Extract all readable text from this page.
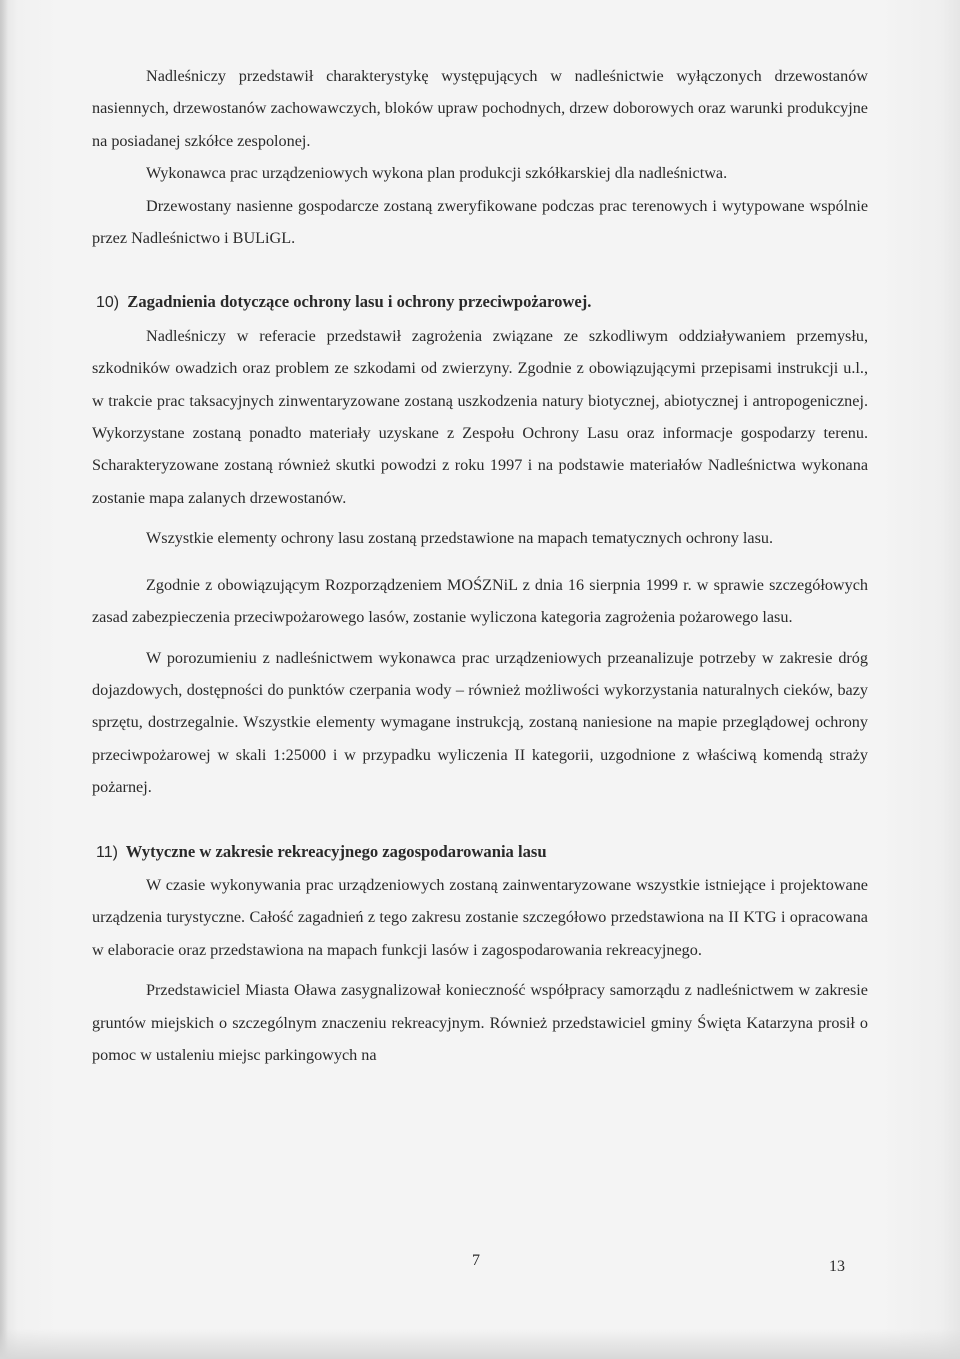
Nadleśniczy przedstawił charakterystykę występujących w nadleśnictwie wyłączonych drzewostanów nasiennych, drzewostanów zachowawczych, bloków upraw pochodnych, drzew doborowych oraz warunki produkcyjne na posiadanej szkółce zespolonej.

Wykonawca prac urządzeniowych wykona plan produkcji szkółkarskiej dla nadleśnictwa.

Drzewostany nasienne gospodarcze zostaną zweryfikowane podczas prac terenowych i wytypowane wspólnie przez Nadleśnictwo i BULiGL.

10) Zagadnienia dotyczące ochrony lasu i ochrony przeciwpożarowej.

Nadleśniczy w referacie przedstawił zagrożenia związane ze szkodliwym oddziaływaniem przemysłu, szkodników owadzich oraz problem ze szkodami od zwierzyny. Zgodnie z obowiązującymi przepisami instrukcji u.l., w trakcie prac taksacyjnych zinwentaryzowane zostaną uszkodzenia natury biotycznej, abiotycznej i antropogenicznej. Wykorzystane zostaną ponadto materiały uzyskane z Zespołu Ochrony Lasu oraz informacje gospodarzy terenu. Scharakteryzowane zostaną również skutki powodzi z roku 1997 i na podstawie materiałów Nadleśnictwa wykonana zostanie mapa zalanych drzewostanów.

Wszystkie elementy ochrony lasu zostaną przedstawione na mapach tematycznych ochrony lasu.

Zgodnie z obowiązującym Rozporządzeniem MOŚZNiL z dnia 16 sierpnia 1999 r. w sprawie szczegółowych zasad zabezpieczenia przeciwpożarowego lasów, zostanie wyliczona kategoria zagrożenia pożarowego lasu.

W porozumieniu z nadleśnictwem wykonawca prac urządzeniowych przeanalizuje potrzeby w zakresie dróg dojazdowych, dostępności do punktów czerpania wody – również możliwości wykorzystania naturalnych cieków, bazy sprzętu, dostrzegalnie. Wszystkie elementy wymagane instrukcją, zostaną naniesione na mapie przeglądowej ochrony przeciwpożarowej w skali 1:25000 i w przypadku wyliczenia II kategorii, uzgodnione z właściwą komendą straży pożarnej.

11) Wytyczne w zakresie rekreacyjnego zagospodarowania lasu

W czasie wykonywania prac urządzeniowych zostaną zainwentaryzowane wszystkie istniejące i projektowane urządzenia turystyczne. Całość zagadnień z tego zakresu zostanie szczegółowo przedstawiona na II KTG i opracowana w elaboracie oraz przedstawiona na mapach funkcji lasów i zagospodarowania rekreacyjnego.

Przedstawiciel Miasta Oława zasygnalizował konieczność współpracy samorządu z nadleśnictwem w zakresie gruntów miejskich o szczególnym znaczeniu rekreacyjnym. Również przedstawiciel gminy Święta Katarzyna prosił o pomoc w ustaleniu miejsc parkingowych na

7	13
